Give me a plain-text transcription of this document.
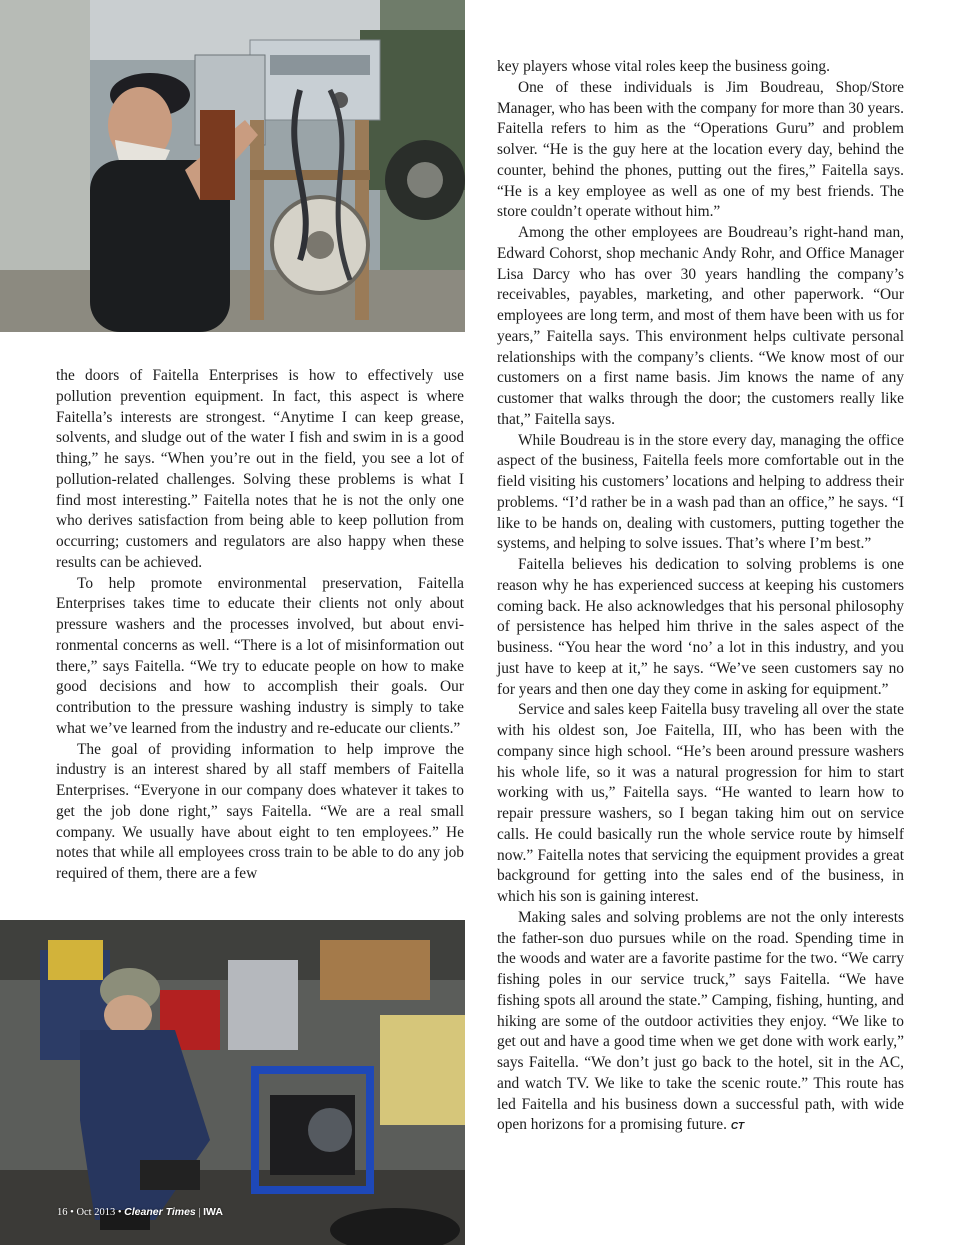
the doors of Faitella Enterprises is how to effectively use pollution prevention equipment. In fact, this aspect is where Faitella’s interests are strongest. “Anytime I can keep grease, solvents, and sludge out of the water I fish and swim in is a good thing,” he says. “When you’re out in the field, you see a lot of pollution-related challenges. Solving these problems is what I find most interesting.” Faitella notes that he is not the only one who derives satisfaction from being able to keep pollution from occurring; customers and regulators are also happy when these results can be achieved.

To help promote environmental preservation, Faitella Enterprises takes time to educate their clients not only about pressure washers and the processes involved, but about environmental concerns as well. “There is a lot of misinformation out there,” says Faitella. “We try to educate people on how to make good decisions and how to accomplish their goals. Our contribution to the pressure washing industry is simply to take what we’ve learned from the industry and re-educate our clients.”

The goal of providing information to help improve the industry is an interest shared by all staff members of Faitella Enterprises. “Everyone in our company does whatever it takes to get the job done right,” says Faitella. “We are a real small company. We usually have about eight to ten employees.” He notes that while all employees cross train to be able to do any job required of them, there are a few

key players whose vital roles keep the business going.

One of these individuals is Jim Boudreau, Shop/Store Manager, who has been with the company for more than 30 years. Faitella refers to him as the “Operations Guru” and problem solver. “He is the guy here at the location every day, behind the counter, behind the phones, putting out the fires,” Faitella says. “He is a key employee as well as one of my best friends. The store couldn’t operate without him.”

Among the other employees are Boudreau’s right-hand man, Edward Cohorst, shop mechanic Andy Rohr, and Office Manager Lisa Darcy who has over 30 years handling the company’s receivables, payables, marketing, and other paperwork. “Our employees are long term, and most of them have been with us for years,” Faitella says. This environment helps cultivate personal relationships with the company’s clients. “We know most of our customers on a first name basis. Jim knows the name of any customer that walks through the door; the customers really like that,” Faitella says.

While Boudreau is in the store every day, managing the office aspect of the business, Faitella feels more comfortable out in the field visiting his customers’ locations and helping to address their problems. “I’d rather be in a wash pad than an office,” he says. “I like to be hands on, dealing with customers, putting together the systems, and helping to solve issues. That’s where I’m best.”

Faitella believes his dedication to solving problems is one reason why he has experienced success at keeping his customers coming back. He also acknowledges that his personal philosophy of persistence has helped him thrive in the sales aspect of the business. “You hear the word ‘no’ a lot in this industry, and you just have to keep at it,” he says. “We’ve seen customers say no for years and then one day they come in asking for equipment.”

Service and sales keep Faitella busy traveling all over the state with his oldest son, Joe Faitella, III, who has been with the company since high school. “He’s been around pressure washers his whole life, so it was a natural progression for him to start working with us,” Faitella says. “He wanted to learn how to repair pressure washers, so I began taking him out on service calls. He could basically run the whole service route by himself now.” Faitella notes that servicing the equipment provides a great background for getting into the sales end of the business, in which his son is gaining interest.

Making sales and solving problems are not the only interests the father-son duo pursues while on the road. Spending time in the woods and water are a favorite pastime for the two. “We carry fishing poles in our service truck,” says Faitella. “We have fishing spots all around the state.” Camping, fishing, hunting, and hiking are some of the outdoor activities they enjoy. “We like to get out and have a good time when we get done with work early,” says Faitella. “We don’t just go back to the hotel, sit in the AC, and watch TV. We like to take the scenic route.” This route has led Faitella and his business down a successful path, with wide open horizons for a promising future. CT

16 • Oct 2013 • Cleaner Times | IWA
